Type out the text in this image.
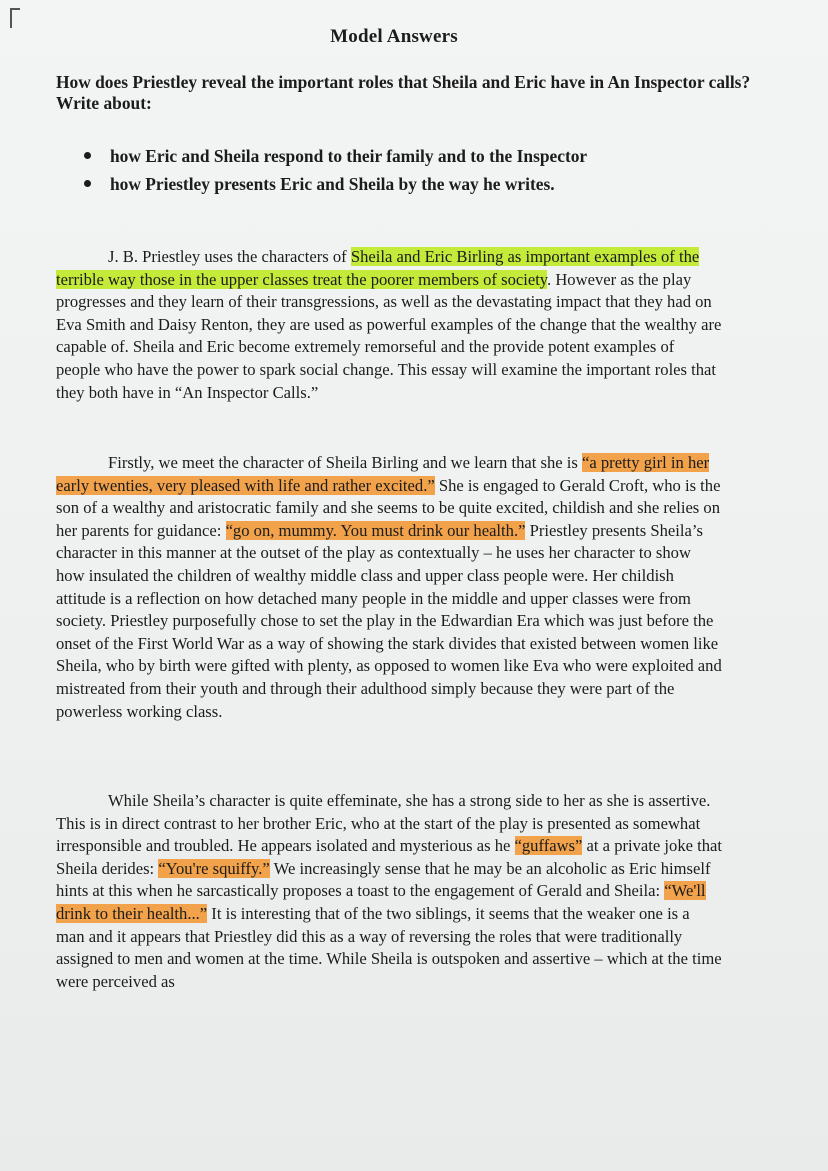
Model Answers

How does Priestley reveal the important roles that Sheila and Eric have in An Inspector calls?

Write about:

how Eric and Sheila respond to their family and to the Inspector
how Priestley presents Eric and Sheila by the way he writes.

J. B. Priestley uses the characters of Sheila and Eric Birling as important examples of the terrible way those in the upper classes treat the poorer members of society. However as the play progresses and they learn of their transgressions, as well as the devastating impact that they had on Eva Smith and Daisy Renton, they are used as powerful examples of the change that the wealthy are capable of. Sheila and Eric become extremely remorseful and the provide potent examples of people who have the power to spark social change. This essay will examine the important roles that they both have in “An Inspector Calls.”

Firstly, we meet the character of Sheila Birling and we learn that she is “a pretty girl in her early twenties, very pleased with life and rather excited.” She is engaged to Gerald Croft, who is the son of a wealthy and aristocratic family and she seems to be quite excited, childish and she relies on her parents for guidance: “go on, mummy. You must drink our health.” Priestley presents Sheila’s character in this manner at the outset of the play as contextually – he uses her character to show how insulated the children of wealthy middle class and upper class people were. Her childish attitude is a reflection on how detached many people in the middle and upper classes were from society. Priestley purposefully chose to set the play in the Edwardian Era which was just before the onset of the First World War as a way of showing the stark divides that existed between women like Sheila, who by birth were gifted with plenty, as opposed to women like Eva who were exploited and mistreated from their youth and through their adulthood simply because they were part of the powerless working class.

While Sheila’s character is quite effeminate, she has a strong side to her as she is assertive. This is in direct contrast to her brother Eric, who at the start of the play is presented as somewhat irresponsible and troubled. He appears isolated and mysterious as he “guffaws” at a private joke that Sheila derides: “You're squiffy.” We increasingly sense that he may be an alcoholic as Eric himself hints at this when he sarcastically proposes a toast to the engagement of Gerald and Sheila: “We'll drink to their health...” It is interesting that of the two siblings, it seems that the weaker one is a man and it appears that Priestley did this as a way of reversing the roles that were traditionally assigned to men and women at the time. While Sheila is outspoken and assertive – which at the time were perceived as
